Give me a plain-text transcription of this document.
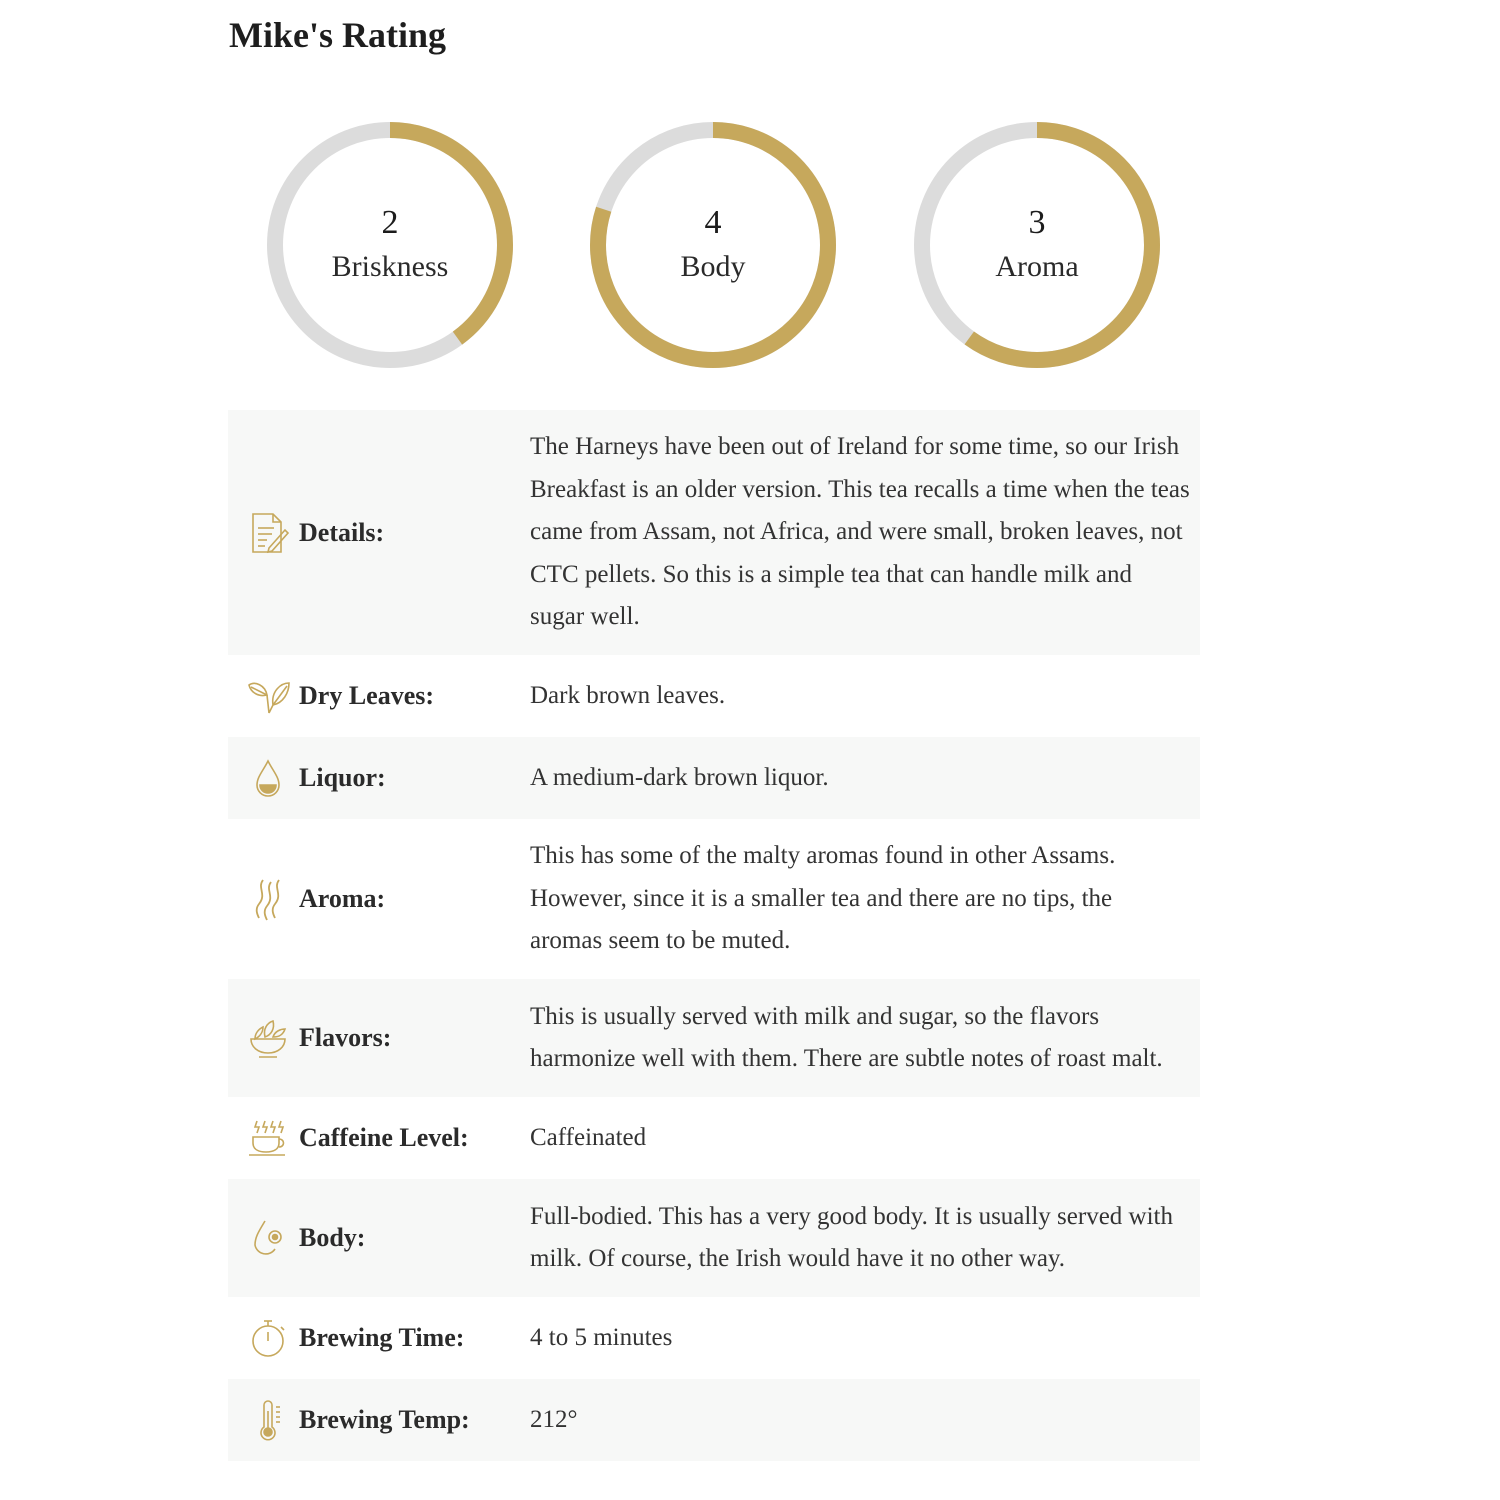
Mike's Rating
2
Briskness
4
Body
3
Aroma
Details:
The Harneys have been out of Ireland for some time, so our Irish Breakfast is an older version. This tea recalls a time when the teas came from Assam, not Africa, and were small, broken leaves, not CTC pellets. So this is a simple tea that can handle milk and sugar well.
Dry Leaves:	Dark brown leaves.
Liquor:	A medium-dark brown liquor.
Aroma:
This has some of the malty aromas found in other Assams. However, since it is a smaller tea and there are no tips, the aromas seem to be muted.
Flavors:
This is usually served with milk and sugar, so the flavors harmonize well with them. There are subtle notes of roast malt.
Caffeine Level: Caffeinated
Body:
Full-bodied. This has a very good body. It is usually served with milk. Of course, the Irish would have it no other way.
Brewing Time:	4 to 5 minutes
Brewing Temp: 212°
